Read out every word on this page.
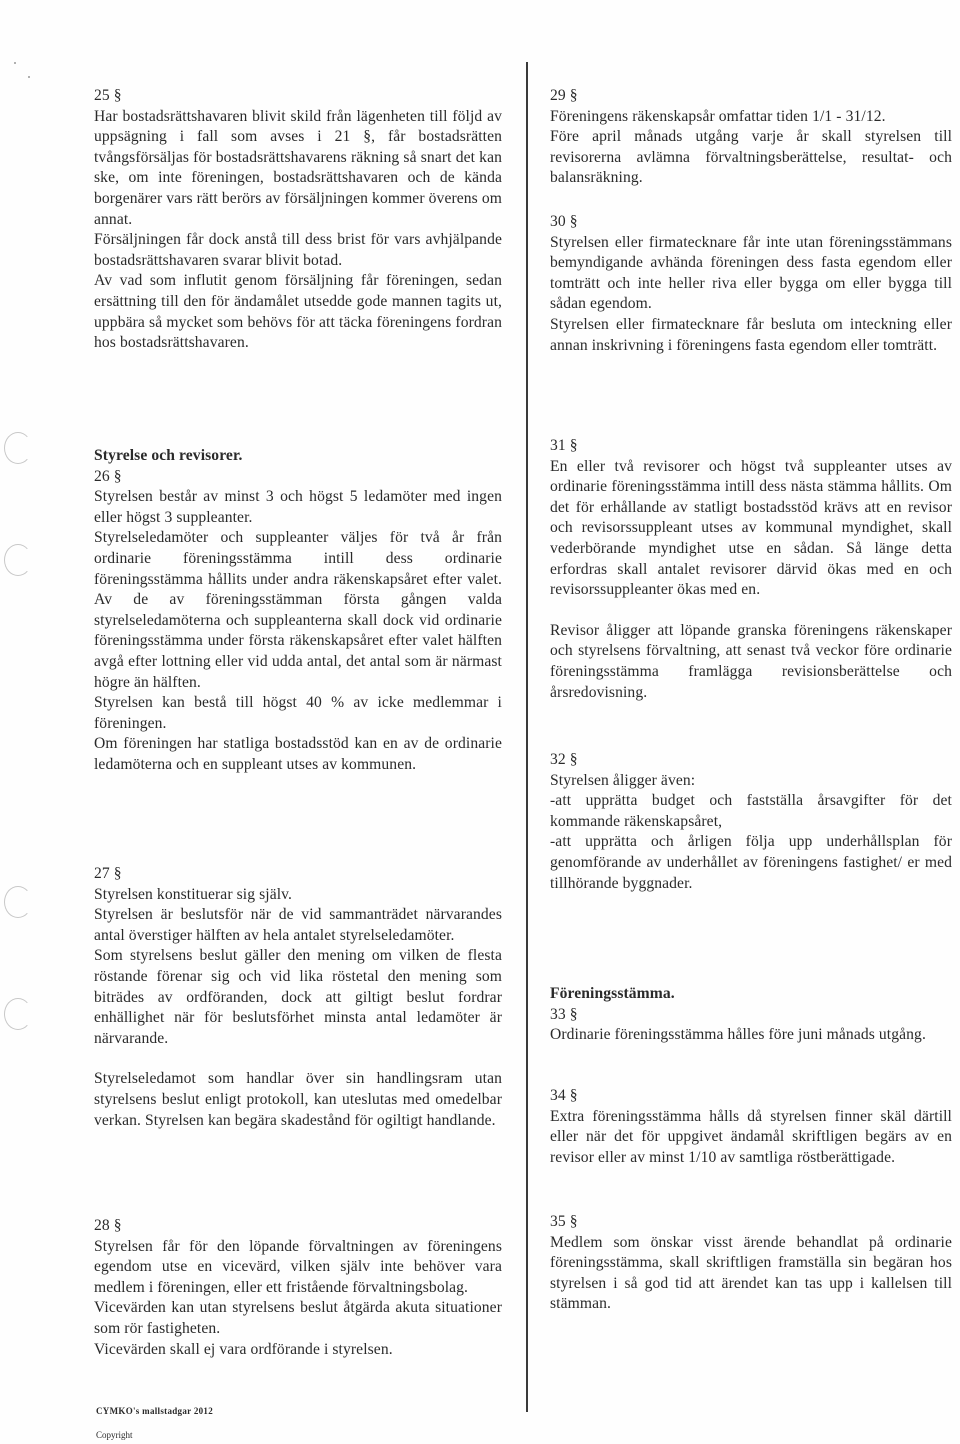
25 §

Har bostadsrättshavaren blivit skild från lägenheten till följd av uppsägning i fall som avses i 21 §, får bostadsrätten tvångsförsäljas för bostadsrättshavarens räkning så snart det kan ske, om inte föreningen, bostadsrättshavaren och de kända borgenärer vars rätt berörs av försäljningen kommer överens om annat.

Försäljningen får dock anstå till dess brist för vars avhjälpande bostadsrättshavaren svarar blivit botad.

Av vad som influtit genom försäljning får föreningen, sedan ersättning till den för ändamålet utsedde gode mannen tagits ut, uppbära så mycket som behövs för att täcka föreningens fordran hos bostadsrättshavaren.

Styrelse och revisorer.
26 §

Styrelsen består av minst 3 och högst 5 ledamöter med ingen eller högst 3 suppleanter.

Styrelseledamöter och suppleanter väljes för två år från ordinarie föreningsstämma intill dess ordinarie föreningsstämma hållits under andra räkenskapsåret efter valet. Av de av föreningsstämman första gången valda styrelseledamöterna och suppleanterna skall dock vid ordinarie föreningsstämma under första räkenskapsåret efter valet hälften avgå efter lottning eller vid udda antal, det antal som är närmast högre än hälften.

Styrelsen kan bestå till högst 40 % av icke medlemmar i föreningen.

Om föreningen har statliga bostadsstöd kan en av de ordinarie ledamöterna och en suppleant utses av kommunen.

27 §

Styrelsen konstituerar sig själv.

Styrelsen är beslutsför när de vid sammanträdet närvarandes antal överstiger hälften av hela antalet styrelseledamöter.

Som styrelsens beslut gäller den mening om vilken de flesta röstande förenar sig och vid lika röstetal den mening som biträdes av ordföranden, dock att giltigt beslut fordrar enhällighet när för beslutsförhet minsta antal ledamöter är närvarande.

Styrelseledamot som handlar över sin handlingsram utan styrelsens beslut enligt protokoll, kan uteslutas med omedelbar verkan. Styrelsen kan begära skadestånd för ogiltigt handlande.

28 §

Styrelsen får för den löpande förvaltningen av föreningens egendom utse en vicevärd, vilken själv inte behöver vara medlem i föreningen, eller ett fristående förvaltningsbolag.

Vicevärden kan utan styrelsens beslut åtgärda akuta situationer som rör fastigheten.

Vicevärden skall ej vara ordförande i styrelsen.

29 §

Föreningens räkenskapsår omfattar tiden 1/1 - 31/12.

Före april månads utgång varje år skall styrelsen till revisorerna avlämna förvaltningsberättelse, resultat- och balansräkning.

30 §

Styrelsen eller firmatecknare får inte utan föreningsstämmans bemyndigande avhända föreningen dess fasta egendom eller tomträtt och inte heller riva eller bygga om eller bygga till sådan egendom.

Styrelsen eller firmatecknare får besluta om inteckning eller annan inskrivning i föreningens fasta egendom eller tomträtt.

31 §

En eller två revisorer och högst två suppleanter utses av ordinarie föreningsstämma intill dess nästa stämma hållits. Om det för erhållande av statligt bostadsstöd krävs att en revisor och revisorssuppleant utses av kommunal myndighet, skall vederbörande myndighet utse en sådan. Så länge detta erfordras skall antalet revisorer därvid ökas med en och revisorssuppleanter ökas med en.

Revisor åligger att löpande granska föreningens räkenskaper och styrelsens förvaltning, att senast två veckor före ordinarie föreningsstämma framlägga revisionsberättelse och årsredovisning.

32 §

Styrelsen åligger även:

-att upprätta budget och fastställa årsavgifter för det kommande räkenskapsåret,

-att upprätta och årligen följa upp underhållsplan för genomförande av underhållet av föreningens fastighet/ er med tillhörande byggnader.

Föreningsstämma.
33 §

Ordinarie föreningsstämma hålles före juni månads utgång.

34 §

Extra föreningsstämma hålls då styrelsen finner skäl därtill eller när det för uppgivet ändamål skriftligen begärs av en revisor eller av minst 1/10 av samtliga röstberättigade.

35 §

Medlem som önskar visst ärende behandlat på ordinarie föreningsstämma, skall skriftligen framställa sin begäran hos styrelsen i så god tid att ärendet kan tas upp i kallelsen till stämman.

CYMKO's mallstadgar 2012
Copyright
